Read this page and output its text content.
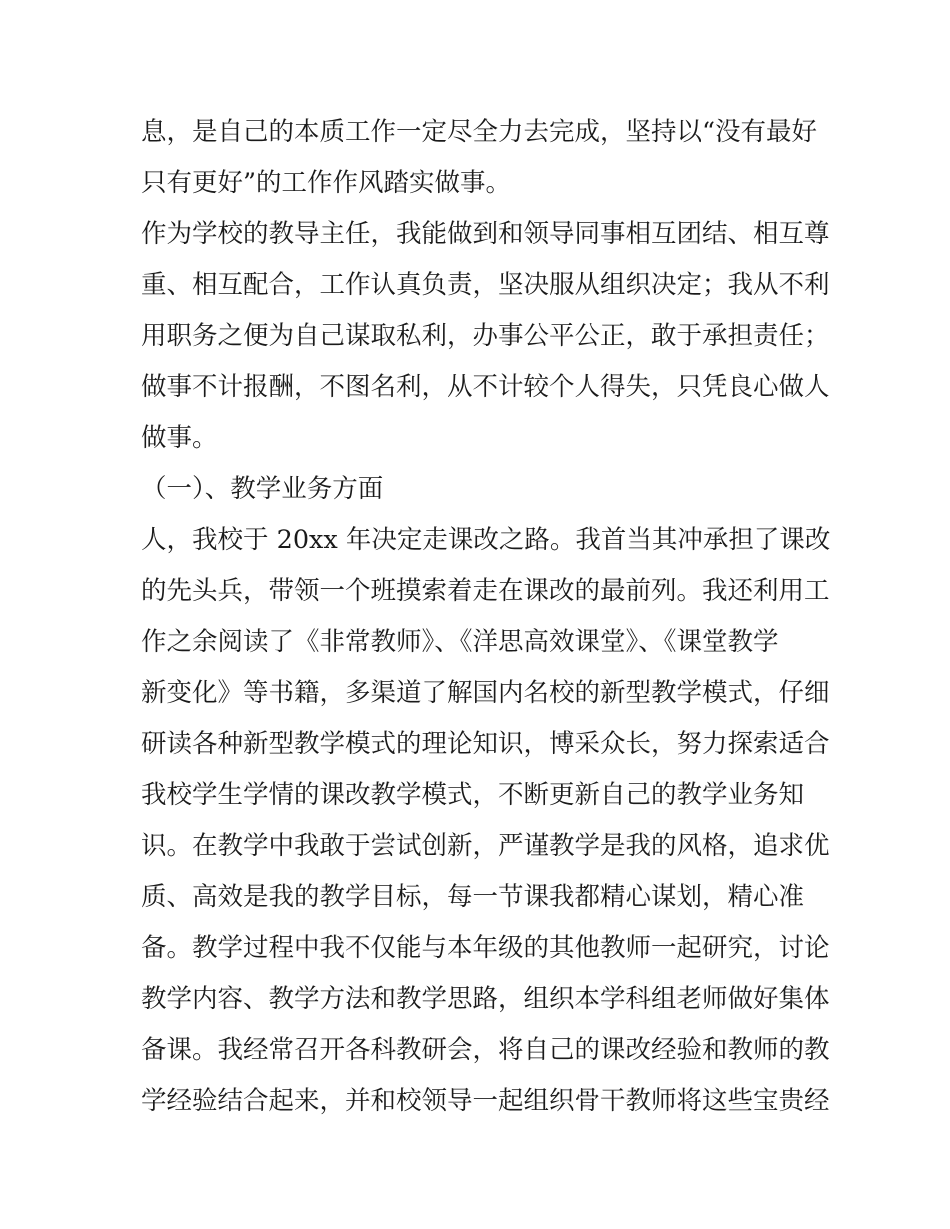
息，是自己的本质工作一定尽全力去完成，坚持以“没有最好
只有更好”的工作作风踏实做事。
作为学校的教导主任，我能做到和领导同事相互团结、相互尊
重、相互配合，工作认真负责，坚决服从组织决定；我从不利
用职务之便为自己谋取私利，办事公平公正，敢于承担责任；
做事不计报酬，不图名利，从不计较个人得失，只凭良心做人
做事。
（一）、教学业务方面
人，我校于 20xx 年决定走课改之路。我首当其冲承担了课改
的先头兵，带领一个班摸索着走在课改的最前列。我还利用工
作之余阅读了《非常教师》、《洋思高效课堂》、《课堂教学
新变化》等书籍，多渠道了解国内名校的新型教学模式，仔细
研读各种新型教学模式的理论知识，博采众长，努力探索适合
我校学生学情的课改教学模式，不断更新自己的教学业务知
识。在教学中我敢于尝试创新，严谨教学是我的风格，追求优
质、高效是我的教学目标，每一节课我都精心谋划，精心准
备。教学过程中我不仅能与本年级的其他教师一起研究，讨论
教学内容、教学方法和教学思路，组织本学科组老师做好集体
备课。我经常召开各科教研会，将自己的课改经验和教师的教
学经验结合起来，并和校领导一起组织骨干教师将这些宝贵经
